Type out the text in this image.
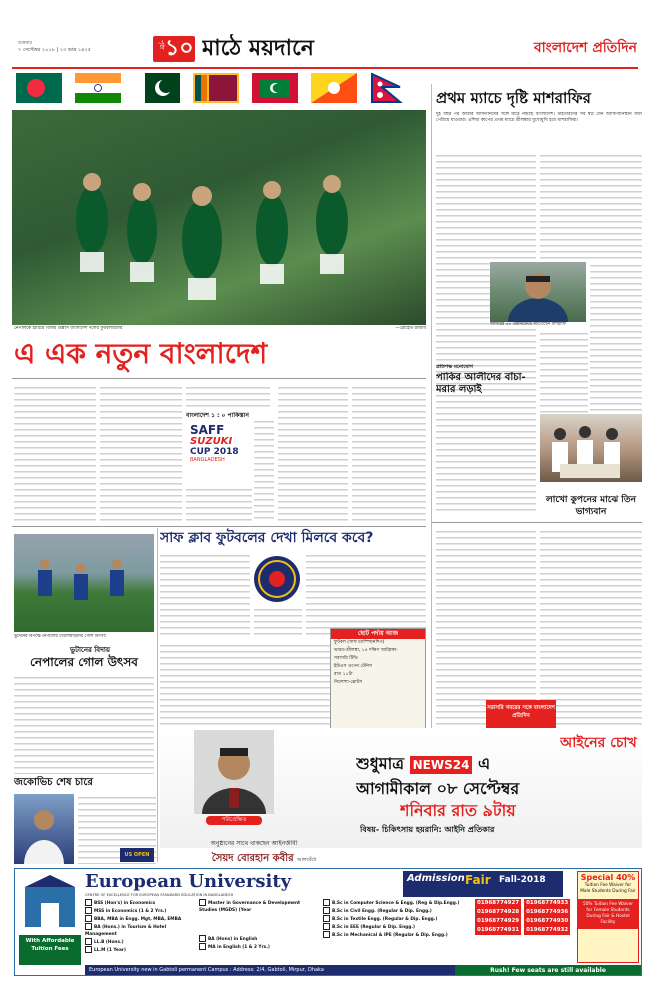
৭ সেপ্টেম্বর ২০১৮ | ২৩ ভাদ্র ১৪২৫
শুক্রবার	পৃষ্ঠা ১০ মাঠে ময়দানে	বাংলাদেশ প্রতিদিন
নেপালকে হারিয়ে বিজয় উল্লাস বাংলাদেশ দলের ফুটবলারদের	—রোহেত রাজীব
প্রথম ম্যাচে দৃষ্টি মাশরাফির
দুই বছর পর আবার আফগানদের সঙ্গে মাঠে নামছে বাংলাদেশ। টাইগারদের সব স্বপ্ন যেন আফিগানিস্তান বাধা পেরিয়ে যাওয়ার। এশিয়া কাপের প্রথম ম্যাচে শ্রীলঙ্কার মুখোমুখি হবে মাশরাফিরা।
আসরের ৫৮ ওয়ানডেতে জিতেছেন মাশরাফি
এ এক নতুন বাংলাদেশ
বাংলাদেশ ১ : ০ পাকিস্তান
SAFF
SUZUKI
CUP 2018
BANGLADESH
প্রতিপক্ষ মনোযোগ
পাকির আলীদের বাঁচা-মরার লড়াই
লাখো কুপনের মাঝে তিন ভাগ্যবান
সাফ ক্লাব ফুটবলের দেখা মিলবে কবে?
ভুটানের বিপক্ষে নেপালের খেলোয়াড়দের গোল উৎসব
ভুটানের বিদায়
নেপালের গোল উৎসব
ছোট পর্দায় আজ
ফুটবল (সাফ চ্যাম্পিয়নশিপ)
ভারত-শ্রীলঙ্কা, ১৪ দক্ষিণ আফ্রিকা-
সরাসরি টিভি
ইউএস ওপেন টেনিস
রাত ১১টা
নিলোশা-স্লোটস
সরাসরি খবরের সঙ্গে বাংলাদেশ প্রতিদিন
আইনের চোখ
শুধুমাত্র NEWS24 এ
আগামীকাল ০৮ সেপ্টেম্বর
শনিবার রাত ৯টায়
বিষয়- চিকিৎসায় হয়রানি: আইনি প্রতিকার
পরিপ্রেক্ষিত
অনুষ্ঠানের সাথে থাকছেন আইনজীবী
সৈয়দ বোরহান কবীর আলবেঁধে
জকোভিচ শেষ চারে
US OPEN
With Affordable Tuition Fees
European University
CENTRE OF EXCELLENCE FOR EUROPEAN STANDARD EDUCATION IN BANGLADESH
BSS (Hon's) in Economics
MSS in Economics (1 & 2 Yrs.)
BBA, MBA in Engg. Mgt, MBA, EMBA
BA (Hons.) in Tourism & Hotel Management
LL.B (Hons.)
LL.M (1 Year)
Master in Governance & Development Studies (MGDS) (Year
BA (Hons) in English
MA in English (1 & 2 Yrs.)
B.Sc in Computer Science & Engg. (Reg & Dip.Engg.)
B.Sc in Civil Engg. (Regular & Dip. Engg.)
B.Sc in Textile Engg. (Regular & Dip. Engg.)
B.Sc in EEE (Regular & Dip. Engg.)
B.Sc in Mechanical & IPE (Regular & Dip. Engg.)
Admission Fair Fall-2018
01968774927	01968774933
01968774928	01968774936
01968774929	01968774930
01968774931	01968774932
Special 40%
Tuition Fee Waiver for Male Students During Fair
50% Tuition Fee Waiver for Female Students During Fair & Hostel Facility
European University new in Gabtoli permanent Campus : Address: 2/4, Gabtoli, Mirpur, Dhaka	Rush! Few seats are still available
